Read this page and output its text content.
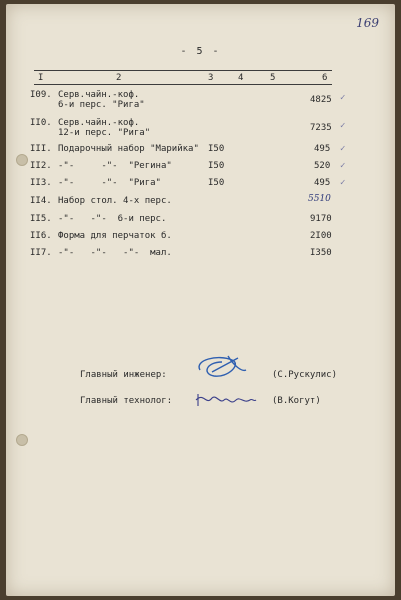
169
- 5 -
I	2	3	4	5	6
I09. Серв.чайн.-коф.
6-и перс. "Рига"	4825
II0. Серв.чайн.-коф.
12-и перс. "Рига"	7235
III. Подарочный набор "Марийка" I50	495
II2. -"-     -"-  "Регина"	I50	520
II3. -"-     -"-  "Рига"	I50	495
II4. Набор стол. 4-х перс.	5510
II5. -"-   -"-  6-и перс.	9170
II6. Форма для перчаток б.	2I00
II7. -"-   -"-   -"-  мал.	I350
✓
✓
✓
✓
✓
Главный инженер:	(С.Рускулис)
Главный технолог:	(В.Когут)
